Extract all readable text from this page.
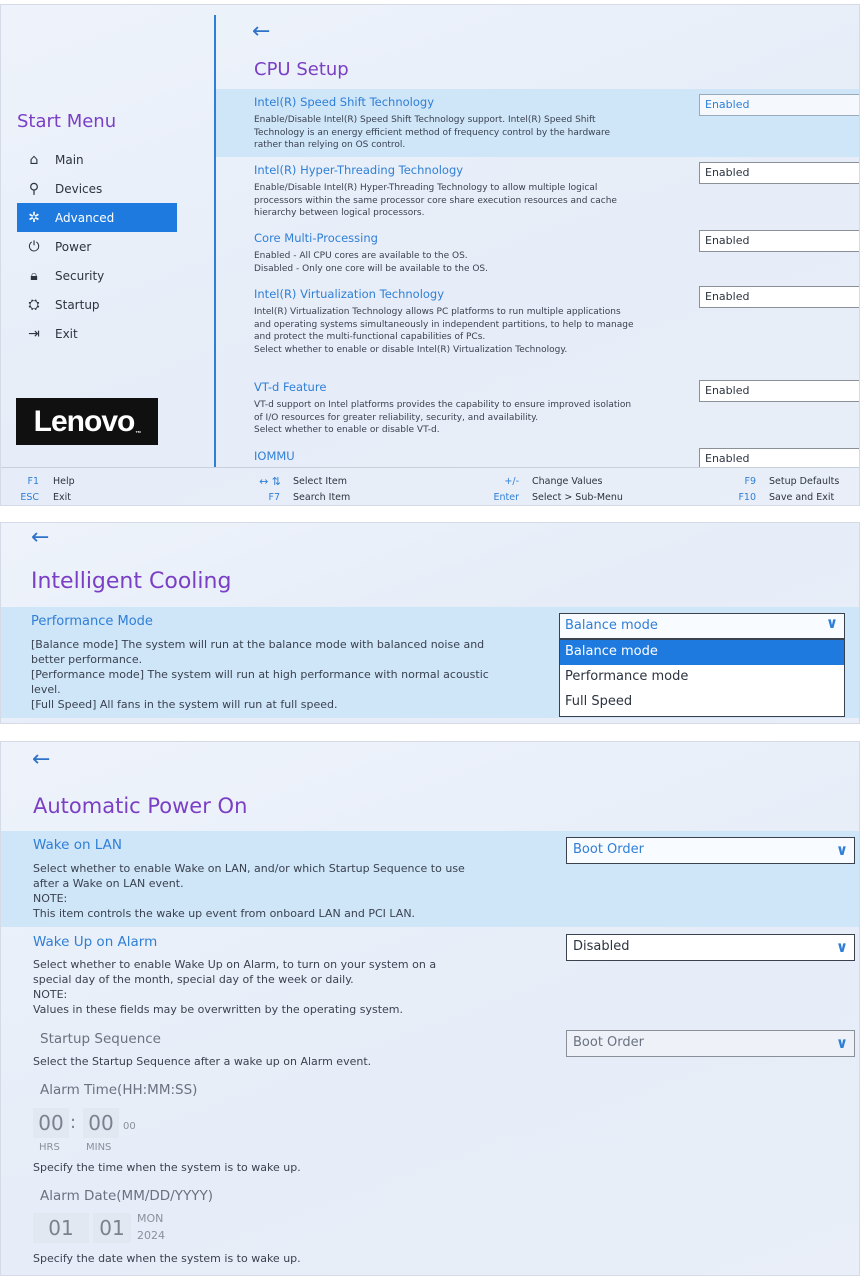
Start Menu
⌂	Main
⚲	Devices
✲	Advanced
⏻	Power
🔒︎	Security
⛭	Startup
⇥	Exit
Lenovo ™
←
CPU Setup
Intel(R) Speed Shift Technology
Enable/Disable Intel(R) Speed Shift Technology support. Intel(R) Speed Shift Technology is an energy efficient method of frequency control by the hardware rather than relying on OS control.
Enabled
Intel(R) Hyper-Threading Technology
Enable/Disable Intel(R) Hyper-Threading Technology to allow multiple logical processors within the same processor core share execution resources and cache hierarchy between logical processors.
Enabled
Core Multi-Processing
Enabled - All CPU cores are available to the OS.
Disabled - Only one core will be available to the OS.
Enabled
Intel(R) Virtualization Technology
Intel(R) Virtualization Technology allows PC platforms to run multiple applications and operating systems simultaneously in independent partitions, to help to manage and protect the multi-functional capabilities of PCs.
Select whether to enable or disable Intel(R) Virtualization Technology.
Enabled
VT-d Feature
VT-d support on Intel platforms provides the capability to ensure improved isolation of I/O resources for greater reliability, security, and availability.
Select whether to enable or disable VT-d.
Enabled
IOMMU	Enabled
F1 Help
ESC Exit
↔ ⇅ Select Item
F7 Search Item
+/- Change Values
Enter Select > Sub-Menu
F9 Setup Defaults
F10 Save and Exit
←
Intelligent Cooling
Performance Mode
[Balance mode] The system will run at the balance mode with balanced noise and better performance.
[Performance mode] The system will run at high performance with normal acoustic level.
[Full Speed] All fans in the system will run at full speed.
Balance mode	∨
Balance mode
Performance mode
Full Speed
←
Automatic Power On
Wake on LAN
Select whether to enable Wake on LAN, and/or which Startup Sequence to use after a Wake on LAN event.
NOTE:
This item controls the wake up event from onboard LAN and PCI LAN.
Boot Order	∨
Wake Up on Alarm
Select whether to enable Wake Up on Alarm, to turn on your system on a special day of the month, special day of the week or daily.
NOTE:
Values in these fields may be overwritten by the operating system.
Disabled	∨
Startup Sequence
Select the Startup Sequence after a wake up on Alarm event.
Boot Order	∨
Alarm Time(HH:MM:SS)
00 : 00 00
HRS	MINS
Specify the time when the system is to wake up.
Alarm Date(MM/DD/YYYY)
01	01	MON
2024
Specify the date when the system is to wake up.
